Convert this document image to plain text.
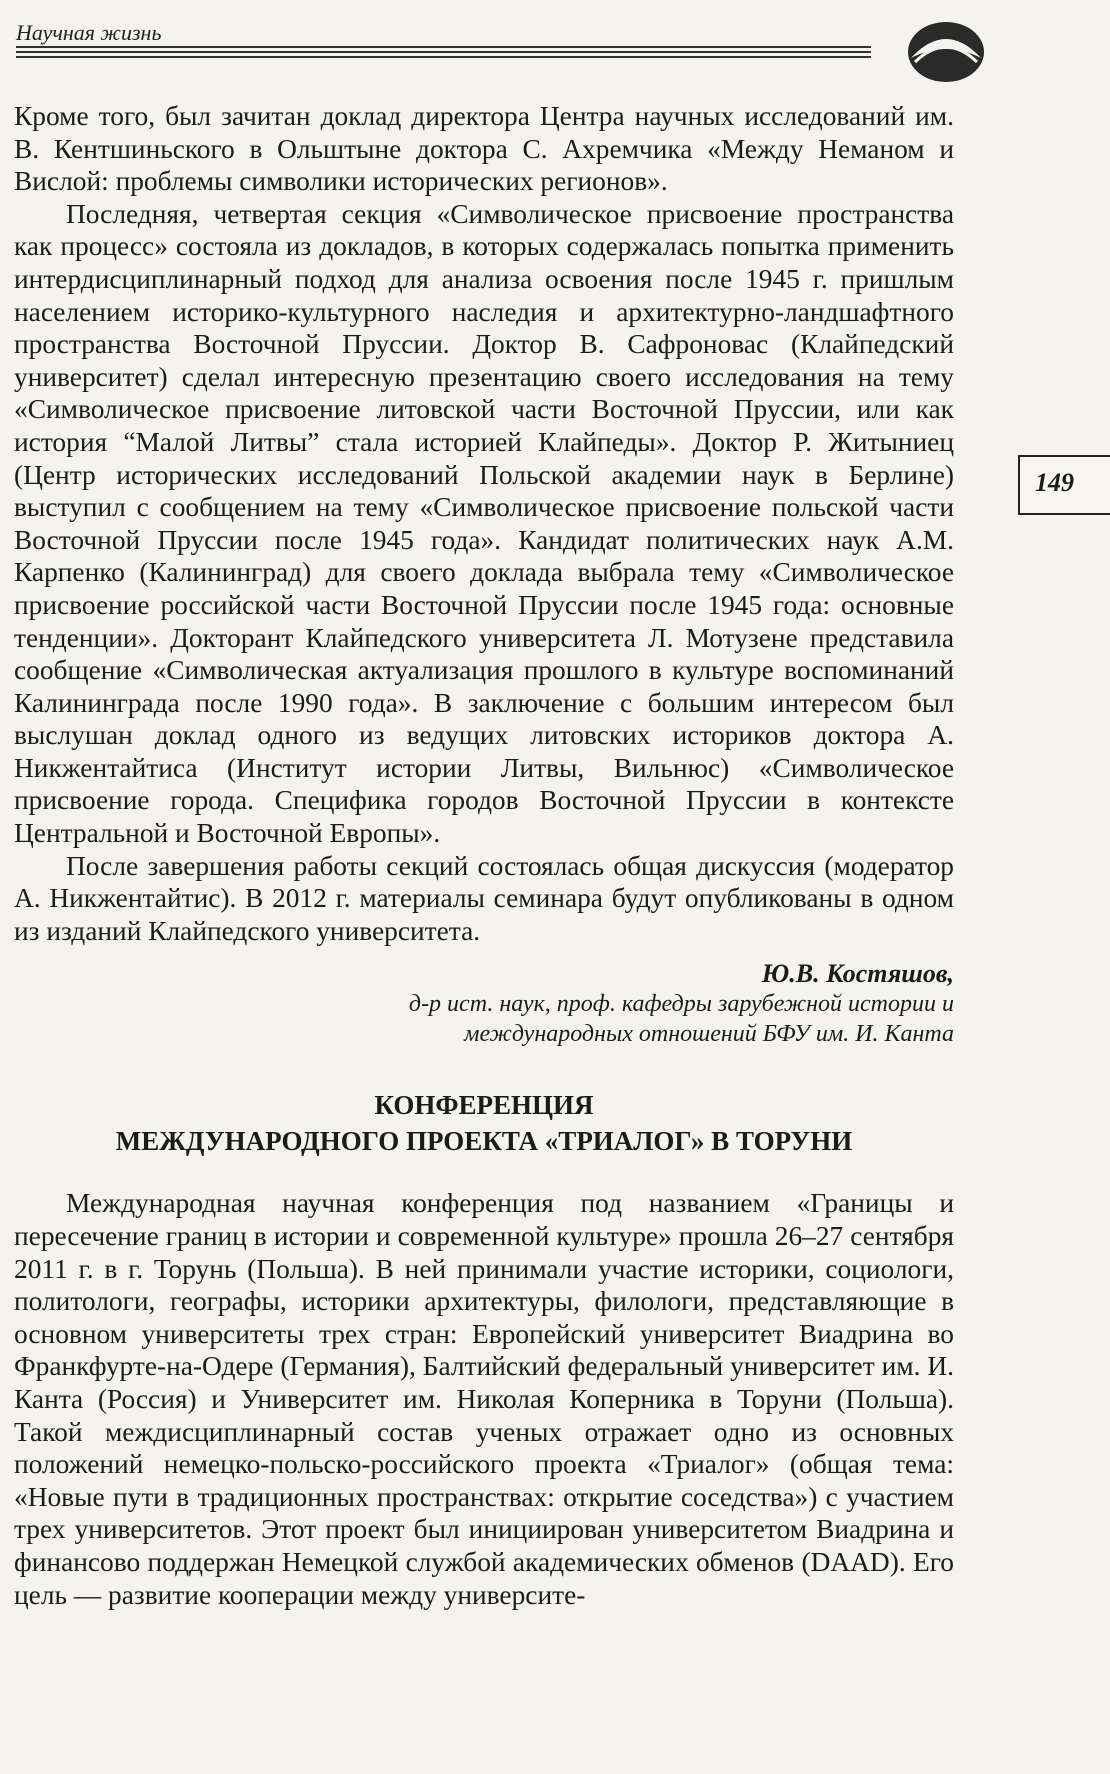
Научная жизнь
149

Кроме того, был зачитан доклад директора Центра научных исследований им. В. Кентшиньского в Ольштыне доктора С. Ахремчика «Между Неманом и Вислой: проблемы символики исторических регионов».

Последняя, четвертая секция «Символическое присвоение пространства как процесс» состояла из докладов, в которых содержалась попытка применить интердисциплинарный подход для анализа освоения после 1945 г. пришлым населением историко-культурного наследия и архитектурно-ландшафтного пространства Восточной Пруссии. Доктор В. Сафроновас (Клайпедский университет) сделал интересную презентацию своего исследования на тему «Символическое присвоение литовской части Восточной Пруссии, или как история “Малой Литвы” стала историей Клайпеды». Доктор Р. Житыниец (Центр исторических исследований Польской академии наук в Берлине) выступил с сообщением на тему «Символическое присвоение польской части Восточной Пруссии после 1945 года». Кандидат политических наук А.М. Карпенко (Калининград) для своего доклада выбрала тему «Символическое присвоение российской части Восточной Пруссии после 1945 года: основные тенденции». Докторант Клайпедского университета Л. Мотузене представила сообщение «Символическая актуализация прошлого в культуре воспоминаний Калининграда после 1990 года». В заключение с большим интересом был выслушан доклад одного из ведущих литовских историков доктора А. Никжентайтиса (Институт истории Литвы, Вильнюс) «Символическое присвоение города. Специфика городов Восточной Пруссии в контексте Центральной и Восточной Европы».

После завершения работы секций состоялась общая дискуссия (модератор А. Никжентайтис). В 2012 г. материалы семинара будут опубликованы в одном из изданий Клайпедского университета.

Ю.В. Костяшов,
д-р ист. наук, проф. кафедры зарубежной истории и
международных отношений БФУ им. И. Канта
КОНФЕРЕНЦИЯ
МЕЖДУНАРОДНОГО ПРОЕКТА «ТРИАЛОГ» В ТОРУНИ

Международная научная конференция под названием «Границы и пересечение границ в истории и современной культуре» прошла 26–27 сентября 2011 г. в г. Торунь (Польша). В ней принимали участие историки, социологи, политологи, географы, историки архитектуры, филологи, представляющие в основном университеты трех стран: Европейский университет Виадрина во Франкфурте-на-Одере (Германия), Балтийский федеральный университет им. И. Канта (Россия) и Университет им. Николая Коперника в Торуни (Польша). Такой междисциплинарный состав ученых отражает одно из основных положений немецко-польско-российского проекта «Триалог» (общая тема: «Новые пути в традиционных пространствах: открытие соседства») с участием трех университетов. Этот проект был инициирован университетом Виадрина и финансово поддержан Немецкой службой академических обменов (DAAD). Его цель — развитие кооперации между университе-
